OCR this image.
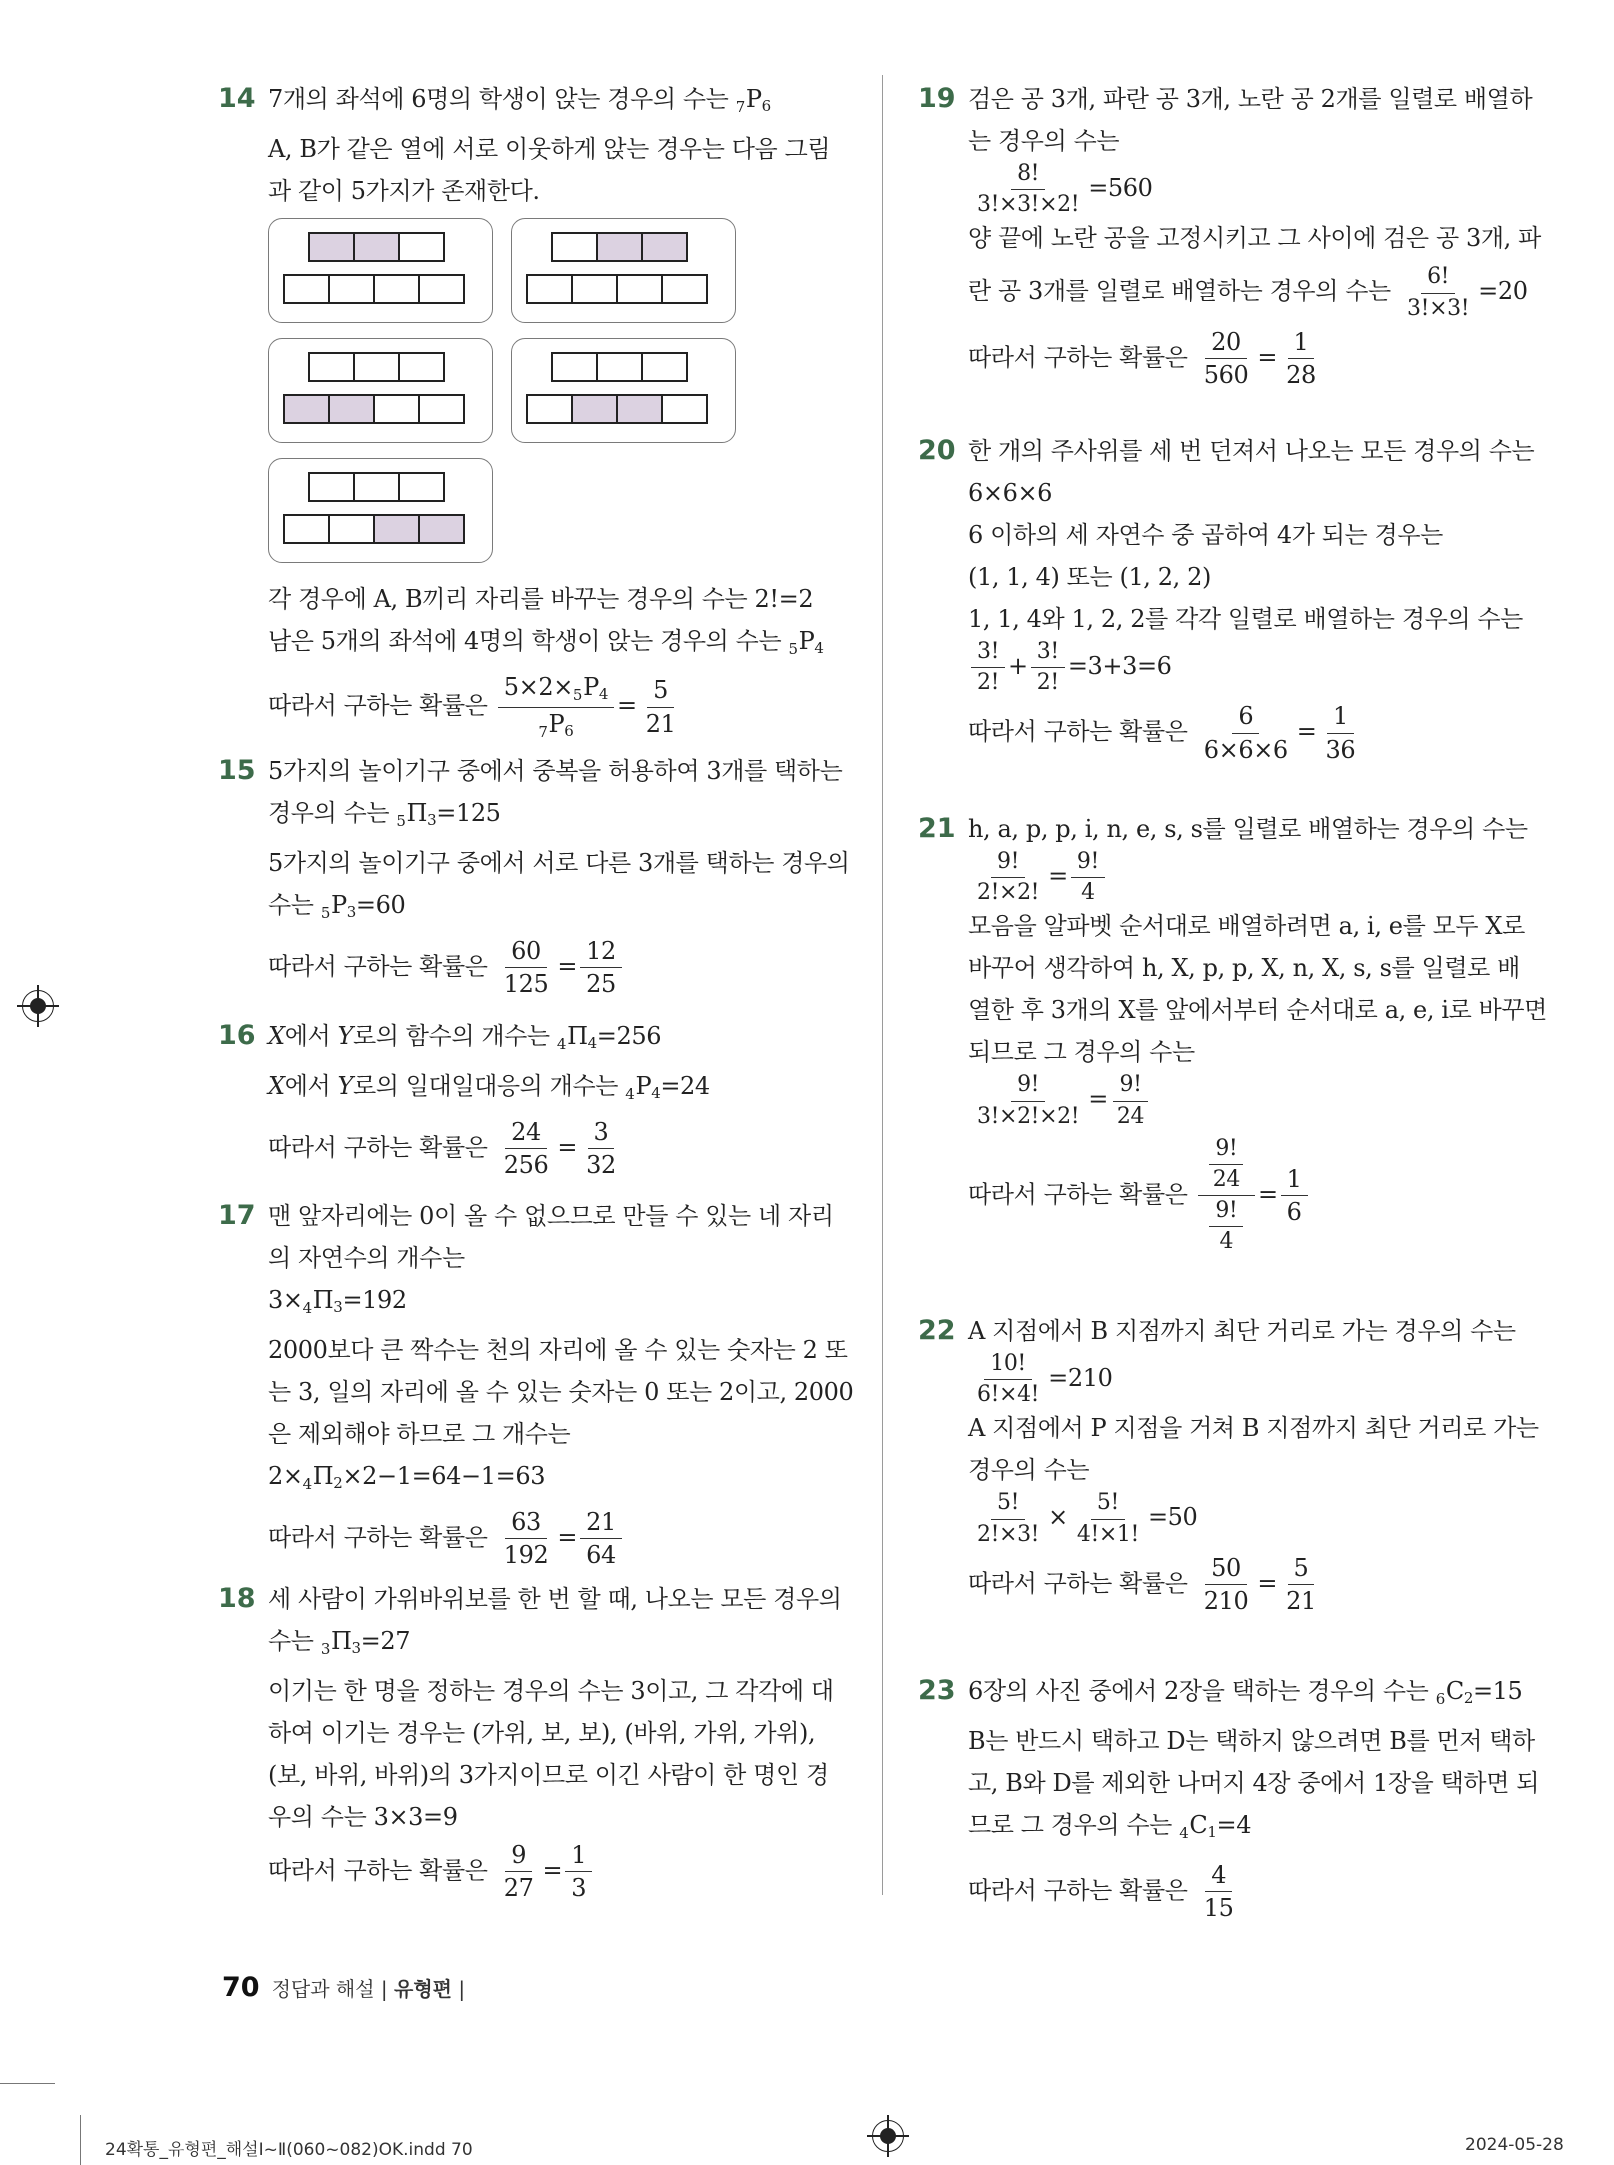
14 7개의 좌석에 6명의 학생이 앉는 경우의 수는 $_7P_6$
A, B가 같은 열에 서로 이웃하게 앉는 경우는 다음 그림과 같이 5가지가 존재한다.
각 경우에 A, B끼리 자리를 바꾸는 경우의 수는 2!=2
남은 5개의 좌석에 4명의 학생이 앉는 경우의 수는 $_5P_4$
따라서 구하는 확률은 $\frac{5\times 2\times_5P_4}{_7P_6} = \frac{5}{21}$
15 5가지의 놀이기구 중에서 중복을 허용하여 3개를 택하는
경우의 수는 $_5\Pi_3=125$
5가지의 놀이기구 중에서 서로 다른 3개를 택하는 경우의
수는 $_5P_3=60$
따라서 구하는 확률은 $\frac{60}{125} = \frac{12}{25}$
16 X에서 Y로의 함수의 개수는 $_4\Pi_4=256$
X에서 Y로의 일대일대응의 개수는 $_4P_4=24$
따라서 구하는 확률은 $\frac{24}{256} = \frac{3}{32}$
17 맨 앞자리에는 0이 올 수 없으므로 만들 수 있는 네 자리
의 자연수의 개수는
$3\times_4\Pi_3=192$
2000보다 큰 짝수는 천의 자리에 올 수 있는 숫자는 2 또
는 3, 일의 자리에 올 수 있는 숫자는 0 또는 2이고, 2000
은 제외해야 하므로 그 개수는
$2\times_4\Pi_2\times 2-1=64-1=63$
따라서 구하는 확률은 $\frac{63}{192} = \frac{21}{64}$
18 세 사람이 가위바위보를 한 번 할 때, 나오는 모든 경우의
수는 $_3\Pi_3=27$
이기는 한 명을 정하는 경우의 수는 3이고, 그 각각에 대
하여 이기는 경우는 (가위, 보, 보), (바위, 가위, 가위),
(보, 바위, 바위)의 3가지이므로 이긴 사람이 한 명인 경
우의 수는 3×3=9
따라서 구하는 확률은 $\frac{9}{27} = \frac{1}{3}$
19 검은 공 3개, 파란 공 3개, 노란 공 2개를 일렬로 배열하
는 경우의 수는
$\frac{8!}{3!\times 3!\times 2!} =560$
양 끝에 노란 공을 고정시키고 그 사이에 검은 공 3개, 파
란 공 3개를 일렬로 배열하는 경우의 수는 $\frac{6!}{3!\times 3!} =20$
따라서 구하는 확률은 $\frac{20}{560} = \frac{1}{28}$
20 한 개의 주사위를 세 번 던져서 나오는 모든 경우의 수는
6×6×6
6 이하의 세 자연수 중 곱하여 4가 되는 경우는
(1, 1, 4) 또는 (1, 2, 2)
1, 1, 4와 1, 2, 2를 각각 일렬로 배열하는 경우의 수는
$\frac{3!}{2!} + \frac{3!}{2!} =3+3=6$
따라서 구하는 확률은 $\frac{6}{6\times 6\times 6} = \frac{1}{36}$
21 h, a, p, p, i, n, e, s, s를 일렬로 배열하는 경우의 수는
$\frac{9!}{2!\times 2!} = \frac{9!}{4}$
모음을 알파벳 순서대로 배열하려면 a, i, e를 모두 X로
바꾸어 생각하여 h, X, p, p, X, n, X, s, s를 일렬로 배
열한 후 3개의 X를 앞에서부터 순서대로 a, e, i로 바꾸면
되므로 그 경우의 수는
$\frac{9!}{3!\times 2!\times 2!} = \frac{9!}{24}$
따라서 구하는 확률은 $\frac{\frac{9!}{24}}{\frac{9!}{4}} = \frac{1}{6}$
22 A 지점에서 B 지점까지 최단 거리로 가는 경우의 수는
$\frac{10!}{6!\times 4!} =210$
A 지점에서 P 지점을 거쳐 B 지점까지 최단 거리로 가는
경우의 수는
$\frac{5!}{2!\times 3!} \times \frac{5!}{4!\times 1!} =50$
따라서 구하는 확률은 $\frac{50}{210} = \frac{5}{21}$
23 6장의 사진 중에서 2장을 택하는 경우의 수는 $_6C_2=15$
B는 반드시 택하고 D는 택하지 않으려면 B를 먼저 택하
고, B와 D를 제외한 나머지 4장 중에서 1장을 택하면 되
므로 그 경우의 수는 $_4C_1=4$
따라서 구하는 확률은 $\frac{4}{15}$
70 정답과 해설 | 유형편 |
24확통_유형편_해설Ⅰ~Ⅱ(060~082)OK.indd 70	2024-05-28
